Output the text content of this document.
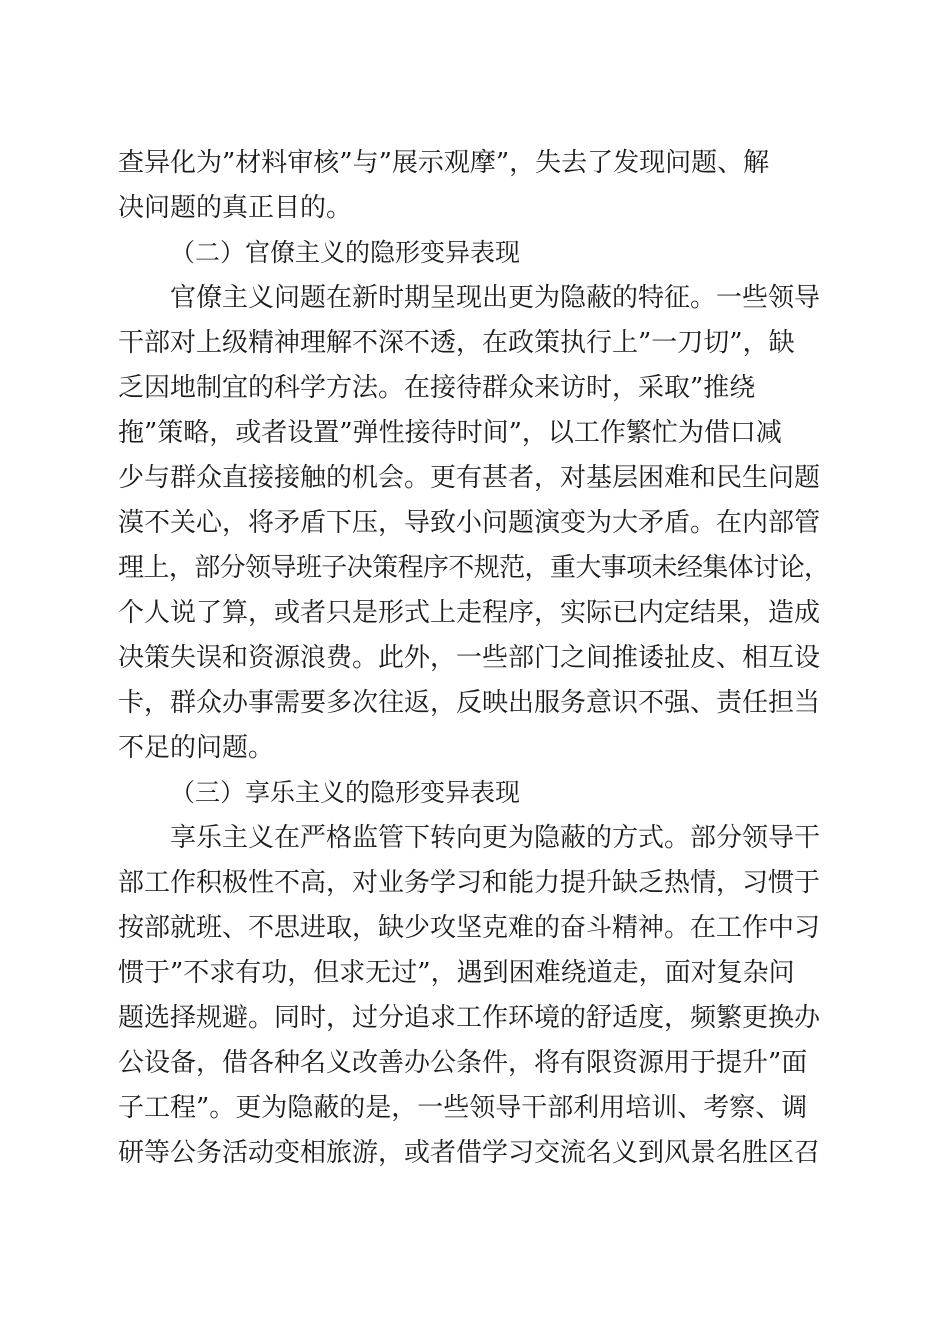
查异化为”材料审核”与”展示观摩”，失去了发现问题、解
决问题的真正目的。
（二）官僚主义的隐形变异表现
官僚主义问题在新时期呈现出更为隐蔽的特征。一些领导
干部对上级精神理解不深不透，在政策执行上”一刀切”，缺
乏因地制宜的科学方法。在接待群众来访时，采取”推绕
拖”策略，或者设置”弹性接待时间”，以工作繁忙为借口减
少与群众直接接触的机会。更有甚者，对基层困难和民生问题
漠不关心，将矛盾下压，导致小问题演变为大矛盾。在内部管
理上，部分领导班子决策程序不规范，重大事项未经集体讨论，
个人说了算，或者只是形式上走程序，实际已内定结果，造成
决策失误和资源浪费。此外，一些部门之间推诿扯皮、相互设
卡，群众办事需要多次往返，反映出服务意识不强、责任担当
不足的问题。
（三）享乐主义的隐形变异表现
享乐主义在严格监管下转向更为隐蔽的方式。部分领导干
部工作积极性不高，对业务学习和能力提升缺乏热情，习惯于
按部就班、不思进取，缺少攻坚克难的奋斗精神。在工作中习
惯于”不求有功，但求无过”，遇到困难绕道走，面对复杂问
题选择规避。同时，过分追求工作环境的舒适度，频繁更换办
公设备，借各种名义改善办公条件，将有限资源用于提升”面
子工程”。更为隐蔽的是，一些领导干部利用培训、考察、调
研等公务活动变相旅游，或者借学习交流名义到风景名胜区召
